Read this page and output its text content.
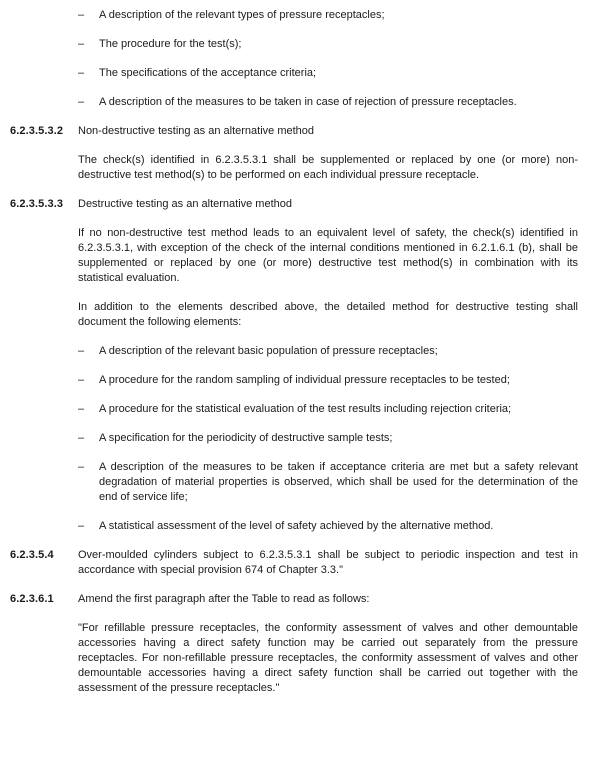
–	A description of the relevant types of pressure receptacles;
–	The procedure for the test(s);
–	The specifications of the acceptance criteria;
–	A description of the measures to be taken in case of rejection of pressure receptacles.
6.2.3.5.3.2	Non-destructive testing as an alternative method
The check(s) identified in 6.2.3.5.3.1 shall be supplemented or replaced by one (or more) non-destructive test method(s) to be performed on each individual pressure receptacle.
6.2.3.5.3.3	Destructive testing as an alternative method
If no non-destructive test method leads to an equivalent level of safety, the check(s) identified in 6.2.3.5.3.1, with exception of the check of the internal conditions mentioned in 6.2.1.6.1 (b), shall be supplemented or replaced by one (or more) destructive test method(s) in combination with its statistical evaluation.
In addition to the elements described above, the detailed method for destructive testing shall document the following elements:
–	A description of the relevant basic population of pressure receptacles;
–	A procedure for the random sampling of individual pressure receptacles to be tested;
–	A procedure for the statistical evaluation of the test results including rejection criteria;
–	A specification for the periodicity of destructive sample tests;
–	A description of the measures to be taken if acceptance criteria are met but a safety relevant degradation of material properties is observed, which shall be used for the determination of the end of service life;
–	A statistical assessment of the level of safety achieved by the alternative method.
6.2.3.5.4	Over-moulded cylinders subject to 6.2.3.5.3.1 shall be subject to periodic inspection and test in accordance with special provision 674 of Chapter 3.3."
6.2.3.6.1	Amend the first paragraph after the Table to read as follows:
"For refillable pressure receptacles, the conformity assessment of valves and other demountable accessories having a direct safety function may be carried out separately from the pressure receptacles. For non-refillable pressure receptacles, the conformity assessment of valves and other demountable accessories having a direct safety function shall be carried out together with the assessment of the pressure receptacles."
